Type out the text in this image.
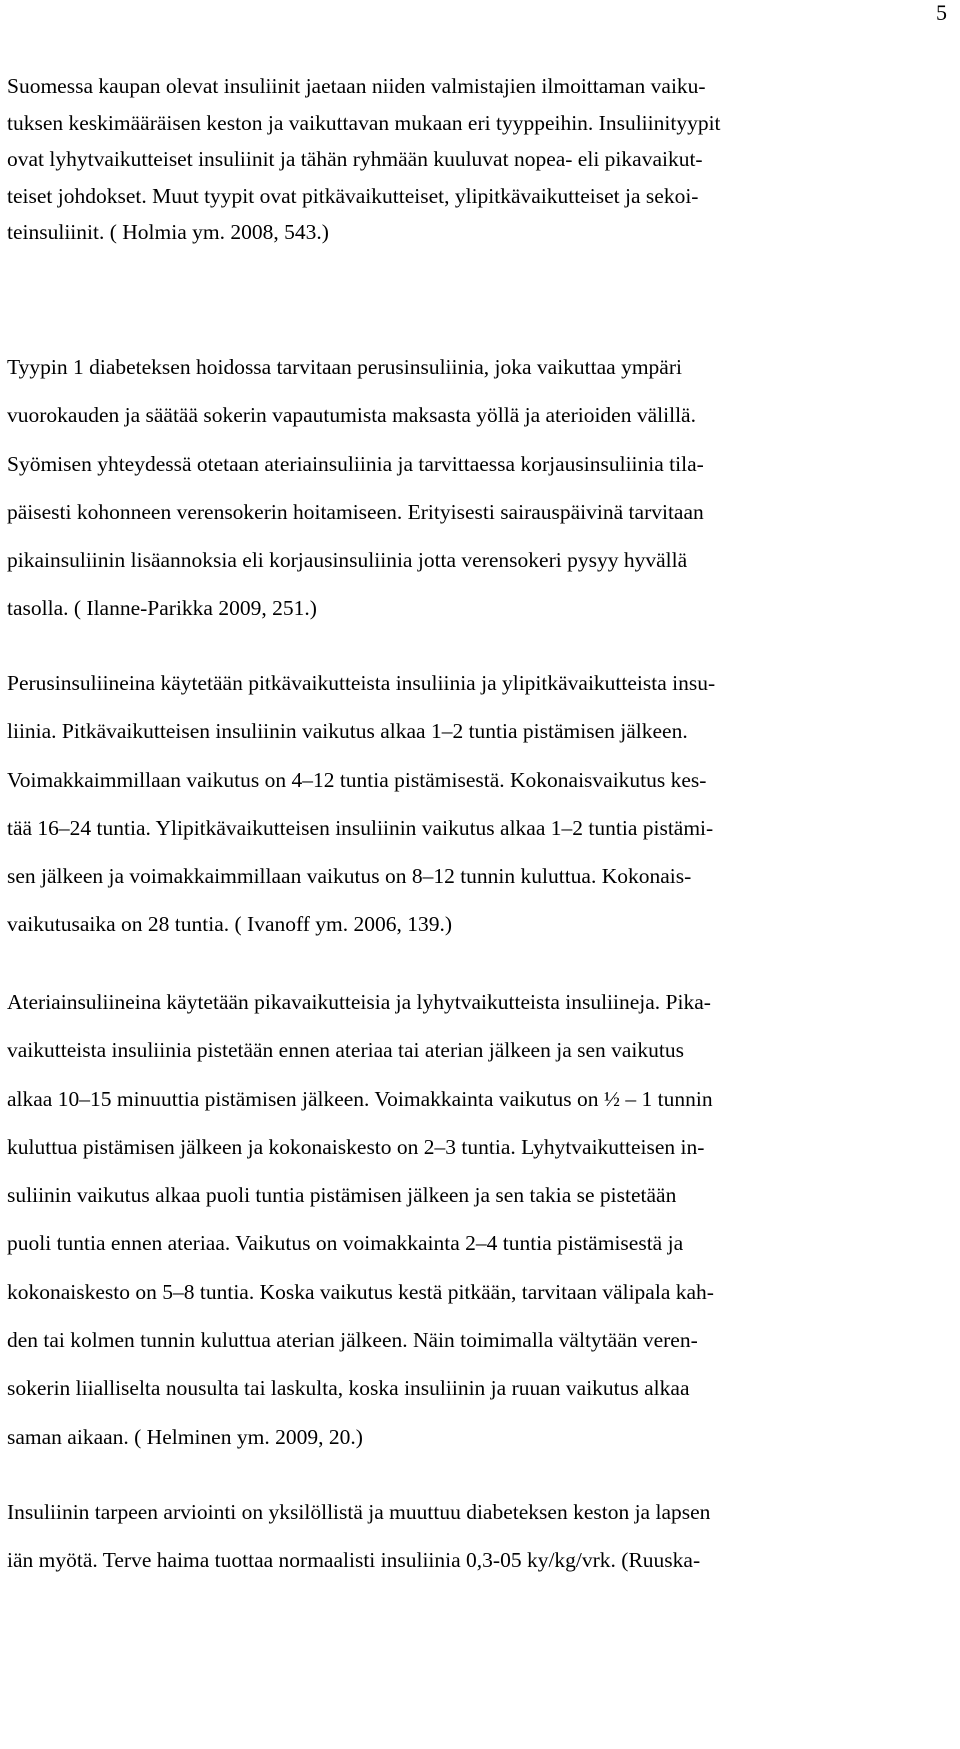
5

Suomessa kaupan olevat insuliinit jaetaan niiden valmistajien ilmoittaman vaiku-
tuksen keskimääräisen keston ja vaikuttavan mukaan eri tyyppeihin. Insuliinityypit
ovat lyhytvaikutteiset insuliinit ja tähän ryhmään kuuluvat nopea- eli pikavaikut-
teiset johdokset. Muut tyypit ovat pitkävaikutteiset, ylipitkävaikutteiset ja sekoi-
teinsuliinit. ( Holmia ym. 2008, 543.)

Tyypin 1 diabeteksen hoidossa tarvitaan perusinsuliinia, joka vaikuttaa ympäri
vuorokauden ja säätää sokerin vapautumista maksasta yöllä ja aterioiden välillä.
Syömisen yhteydessä otetaan ateriainsuliinia ja tarvittaessa korjausinsuliinia tila-
päisesti kohonneen verensokerin hoitamiseen. Erityisesti sairauspäivinä tarvitaan
pikainsuliinin lisäannoksia eli korjausinsuliinia jotta verensokeri pysyy hyvällä
tasolla. ( Ilanne-Parikka 2009, 251.)

Perusinsuliineina käytetään pitkävaikutteista insuliinia ja ylipitkävaikutteista insu-
liinia. Pitkävaikutteisen insuliinin vaikutus alkaa 1–2 tuntia pistämisen jälkeen.
Voimakkaimmillaan vaikutus on 4–12 tuntia pistämisestä. Kokonaisvaikutus kes-
tää 16–24 tuntia. Ylipitkävaikutteisen insuliinin vaikutus alkaa 1–2 tuntia pistämi-
sen jälkeen ja voimakkaimmillaan vaikutus on 8–12 tunnin kuluttua. Kokonais-
vaikutusaika on 28 tuntia. ( Ivanoff ym. 2006, 139.)

Ateriainsuliineina käytetään pikavaikutteisia ja lyhytvaikutteista insuliineja. Pika-
vaikutteista insuliinia pistetään ennen ateriaa tai aterian jälkeen ja sen vaikutus
alkaa 10–15 minuuttia pistämisen jälkeen. Voimakkainta vaikutus on ½ – 1 tunnin
kuluttua pistämisen jälkeen ja kokonaiskesto on 2–3 tuntia. Lyhytvaikutteisen in-
suliinin vaikutus alkaa puoli tuntia pistämisen jälkeen ja sen takia se pistetään
puoli tuntia ennen ateriaa. Vaikutus on voimakkainta 2–4 tuntia pistämisestä ja
kokonaiskesto on 5–8 tuntia. Koska vaikutus kestä pitkään, tarvitaan välipala kah-
den tai kolmen tunnin kuluttua aterian jälkeen. Näin toimimalla vältytään veren-
sokerin liialliselta nousulta tai laskulta, koska insuliinin ja ruuan vaikutus alkaa
saman aikaan. ( Helminen ym. 2009, 20.)

Insuliinin tarpeen arviointi on yksilöllistä ja muuttuu diabeteksen keston ja lapsen
iän myötä. Terve haima tuottaa normaalisti insuliinia 0,3-05 ky/kg/vrk. (Ruuska-
